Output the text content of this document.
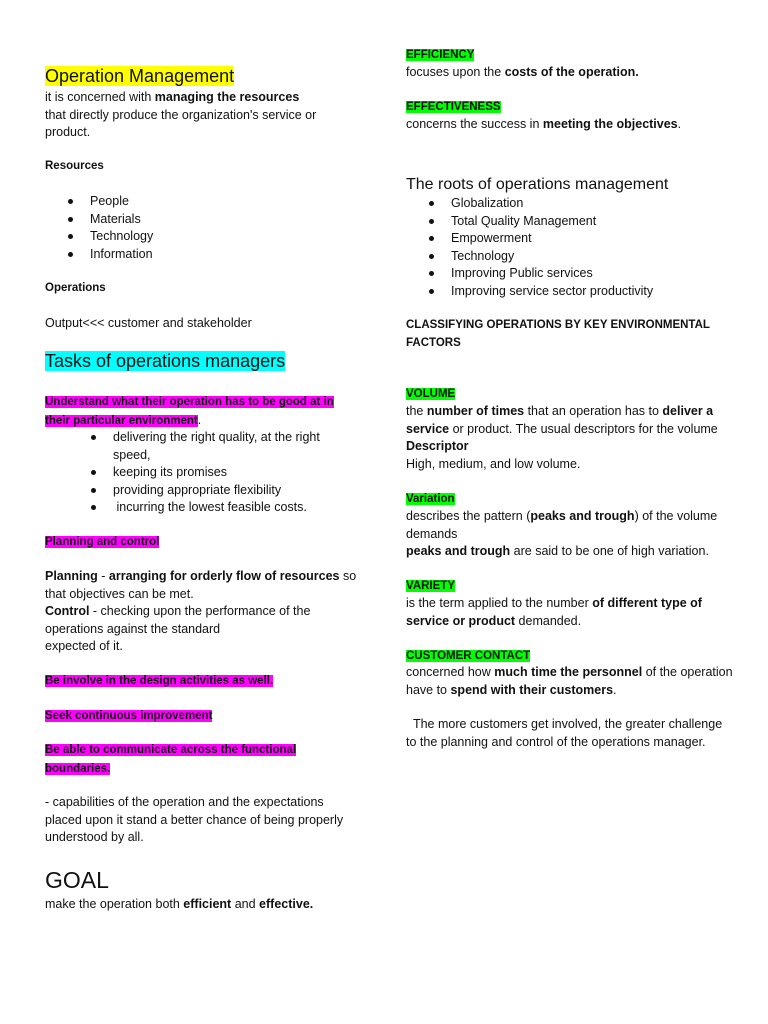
Operation Management

it is concerned with managing the resources

that directly produce the organization's service or product.

Resources
People
Materials
Technology
Information
Operations
Output<<< customer and stakeholder
Tasks of operations managers
Understand what their operation has to be good at in their particular environment.
delivering the right quality, at the right speed,
keeping its promises
providing appropriate flexibility
incurring the lowest feasible costs.
Planning and control

Planning - arranging for orderly flow of resources so that objectives can be met.

Control - checking upon the performance of the operations against the standard

expected of it.

Be involve in the design activities as well.
Seek continuous improvement
Be able to communicate across the functional boundaries.
- capabilities of the operation and the expectations placed upon it stand a better chance of being properly understood by all.
GOAL
make the operation both efficient and effective.
EFFICIENCY
focuses upon the costs of the operation.
EFFECTIVENESS
concerns the success in meeting the objectives.
The roots of operations management
Globalization
Total Quality Management
Empowerment
Technology
Improving Public services
Improving service sector productivity
CLASSIFYING OPERATIONS BY KEY ENVIRONMENTAL FACTORS
VOLUME

the number of times that an operation has to deliver a service or product. The usual descriptors for the volume

Descriptor

High, medium, and low volume.

Variation

describes the pattern (peaks and trough) of the volume demands

peaks and trough are said to be one of high variation.

VARIETY
is the term applied to the number of different type of service or product demanded.
CUSTOMER CONTACT
concerned how much time the personnel of the operation have to spend with their customers.
The more customers get involved, the greater challenge to the planning and control of the operations manager.
